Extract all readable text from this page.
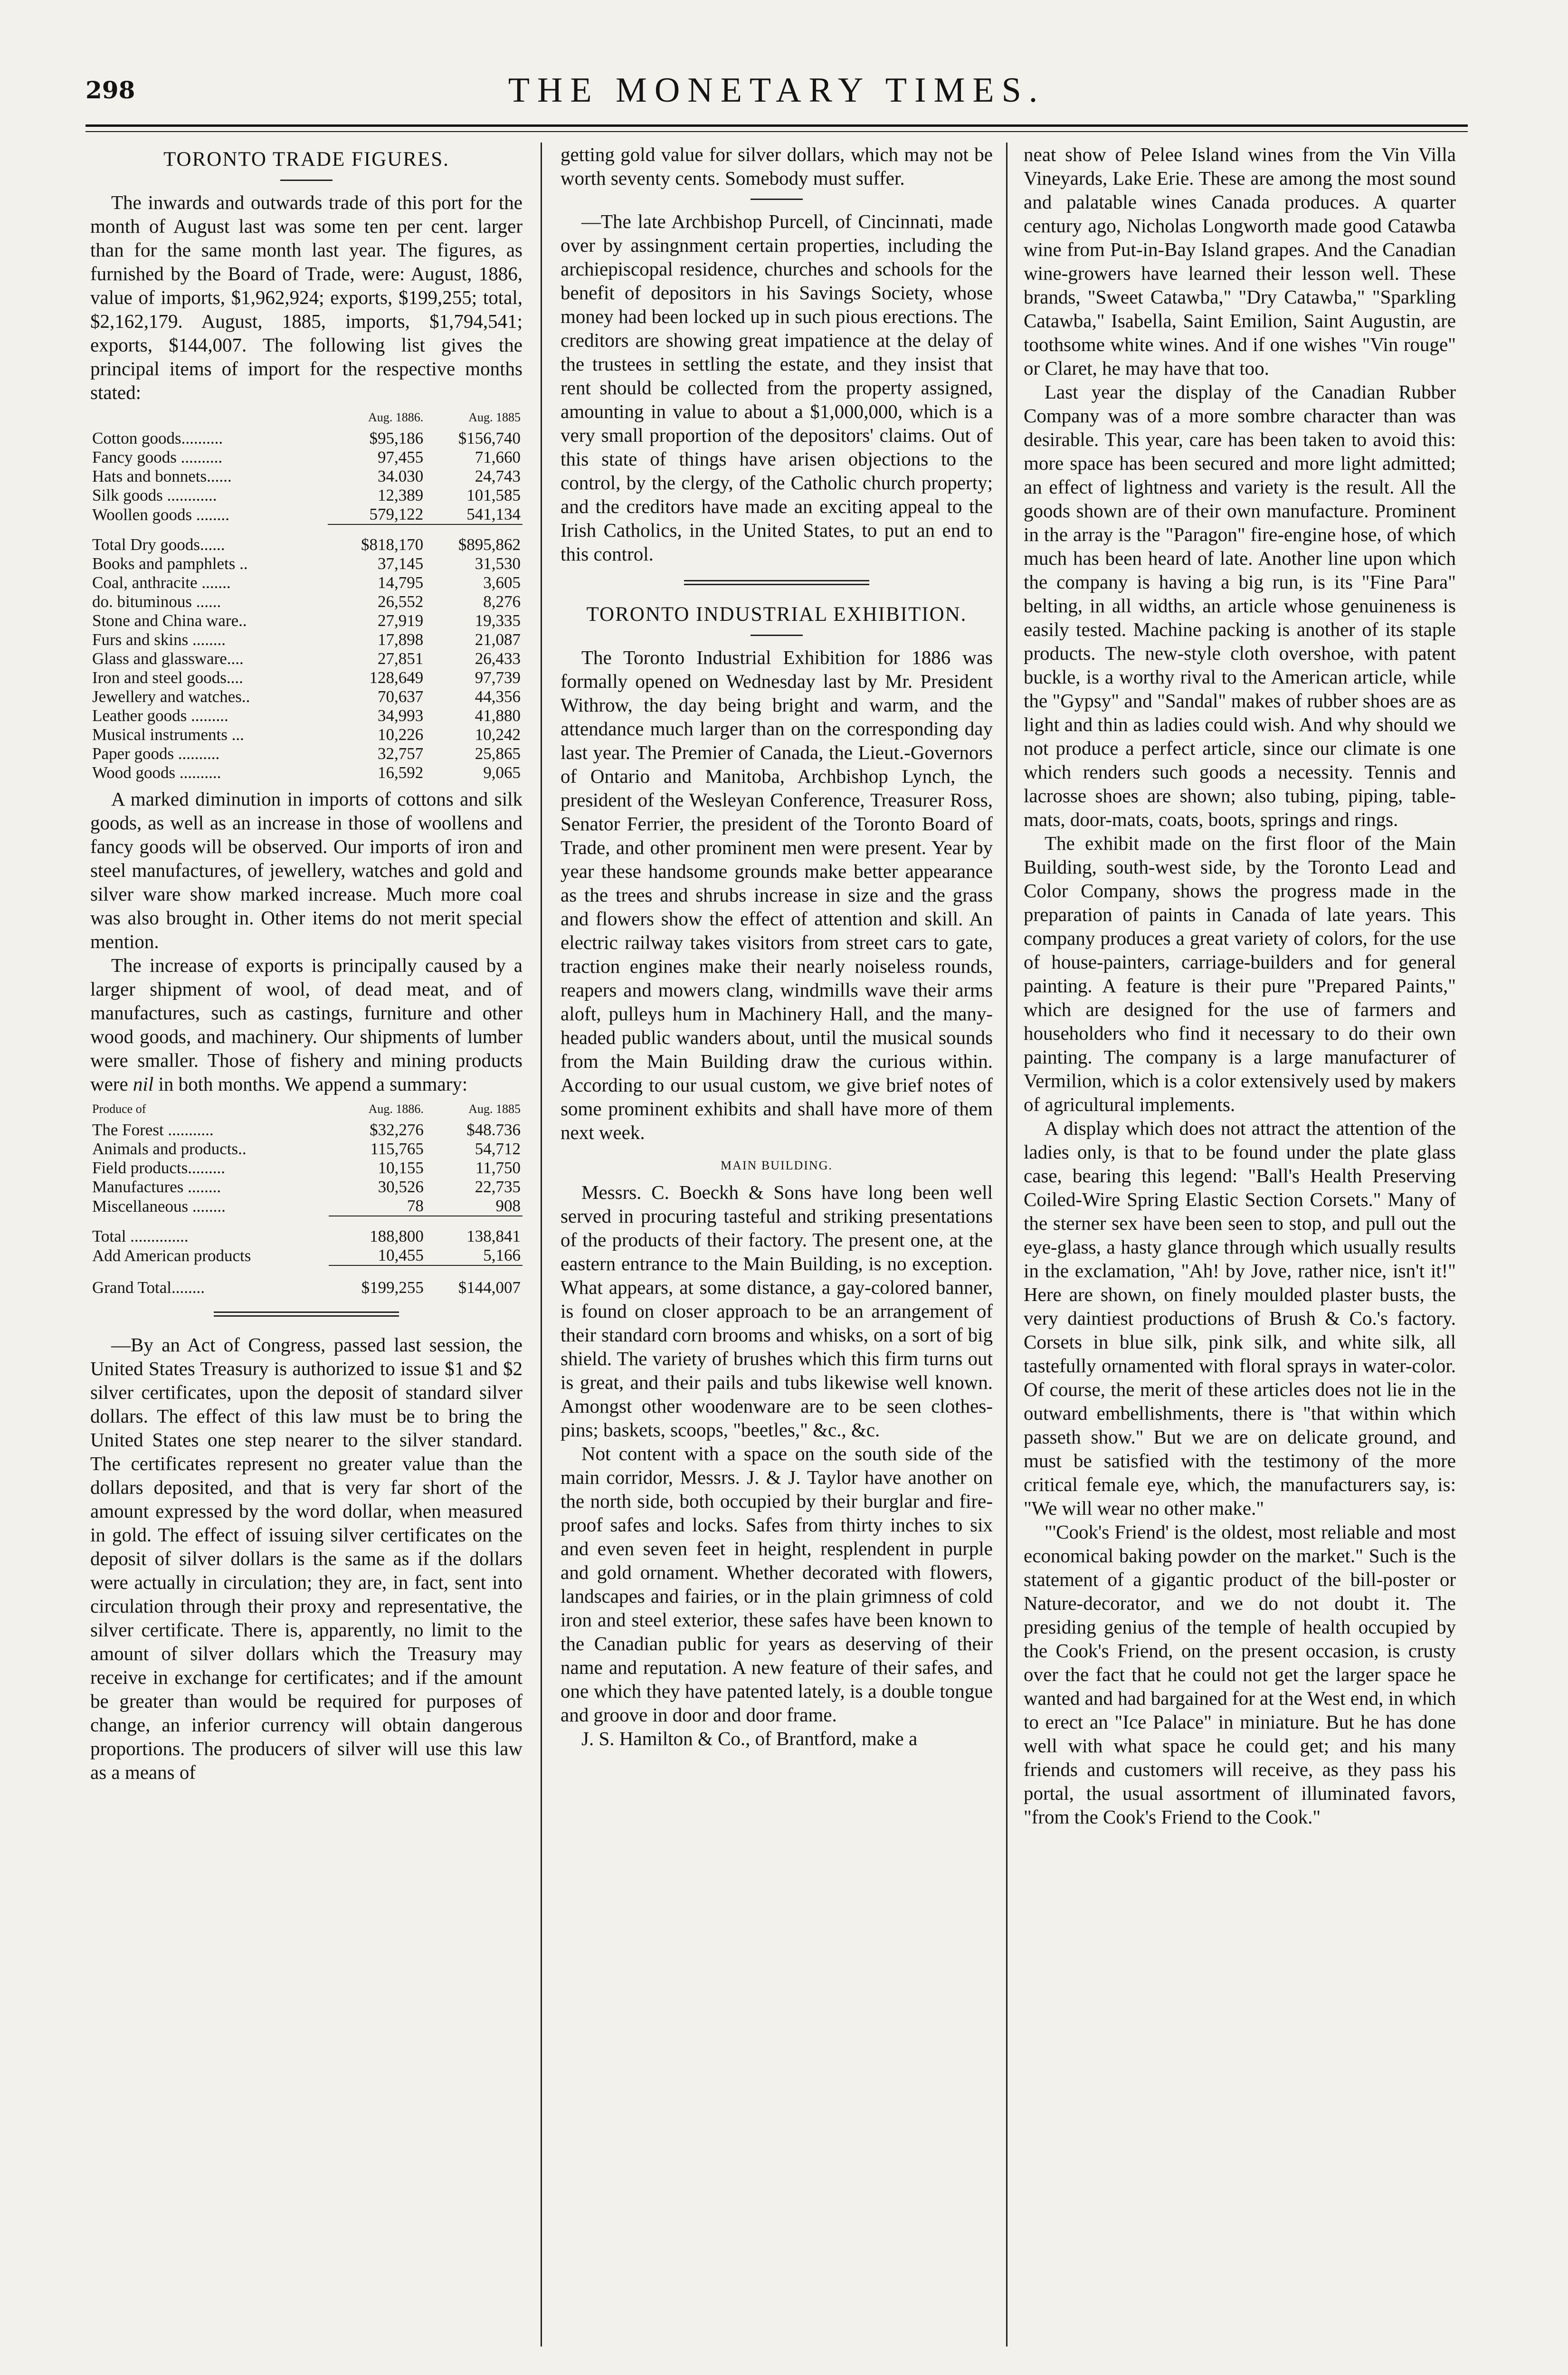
298	THE MONETARY TIMES.
TORONTO TRADE FIGURES.

The inwards and outwards trade of this port for the month of August last was some ten per cent. larger than for the same month last year. The figures, as furnished by the Board of Trade, were: August, 1886, value of imports, $1,962,924; exports, $199,255; total, $2,162,179. August, 1885, imports, $1,794,541; exports, $144,007. The following list gives the principal items of import for the respective months stated:

	Aug. 1886.	Aug. 1885
Cotton goods..........	$95,186	$156,740
Fancy goods ..........	97,455	71,660
Hats and bonnets......	34.030	24,743
Silk goods ............	12,389	101,585
Woollen goods ........	579,122	541,134
Total Dry goods......	$818,170	$895,862
Books and pamphlets ..	37,145	31,530
Coal, anthracite .......	14,795	3,605
do. bituminous ......	26,552	8,276
Stone and China ware..	27,919	19,335
Furs and skins ........	17,898	21,087
Glass and glassware....	27,851	26,433
Iron and steel goods....	128,649	97,739
Jewellery and watches..	70,637	44,356
Leather goods .........	34,993	41,880
Musical instruments ...	10,226	10,242
Paper goods ..........	32,757	25,865
Wood goods ..........	16,592	9,065

A marked diminution in imports of cottons and silk goods, as well as an increase in those of woollens and fancy goods will be observed. Our imports of iron and steel manufactures, of jewellery, watches and gold and silver ware show marked increase. Much more coal was also brought in. Other items do not merit special mention.

The increase of exports is principally caused by a larger shipment of wool, of dead meat, and of manufactures, such as castings, furniture and other wood goods, and machinery. Our shipments of lumber were smaller. Those of fishery and mining products were nil in both months. We append a summary:

Produce of	Aug. 1886.	Aug. 1885
The Forest ...........	$32,276	$48.736
Animals and products..	115,765	54,712
Field products.........	10,155	11,750
Manufactures ........	30,526	22,735
Miscellaneous ........	78	908
Total ..............	188,800	138,841
Add American products	10,455	5,166
Grand Total........	$199,255	$144,007

—By an Act of Congress, passed last session, the United States Treasury is authorized to issue $1 and $2 silver certificates, upon the deposit of standard silver dollars. The effect of this law must be to bring the United States one step nearer to the silver standard. The certificates represent no greater value than the dollars deposited, and that is very far short of the amount expressed by the word dollar, when measured in gold. The effect of issuing silver certificates on the deposit of silver dollars is the same as if the dollars were actually in circulation; they are, in fact, sent into circulation through their proxy and representative, the silver certificate. There is, apparently, no limit to the amount of silver dollars which the Treasury may receive in exchange for certificates; and if the amount be greater than would be required for purposes of change, an inferior currency will obtain dangerous proportions. The producers of silver will use this law as a means of

getting gold value for silver dollars, which may not be worth seventy cents. Somebody must suffer.

—The late Archbishop Purcell, of Cincinnati, made over by assingnment certain properties, including the archiepiscopal residence, churches and schools for the benefit of depositors in his Savings Society, whose money had been locked up in such pious erections. The creditors are showing great impatience at the delay of the trustees in settling the estate, and they insist that rent should be collected from the property assigned, amounting in value to about a $1,000,000, which is a very small proportion of the depositors' claims. Out of this state of things have arisen objections to the control, by the clergy, of the Catholic church property; and the creditors have made an exciting appeal to the Irish Catholics, in the United States, to put an end to this control.

TORONTO INDUSTRIAL EXHIBITION.

The Toronto Industrial Exhibition for 1886 was formally opened on Wednesday last by Mr. President Withrow, the day being bright and warm, and the attendance much larger than on the corresponding day last year. The Premier of Canada, the Lieut.-Governors of Ontario and Manitoba, Archbishop Lynch, the president of the Wesleyan Conference, Treasurer Ross, Senator Ferrier, the president of the Toronto Board of Trade, and other prominent men were present. Year by year these handsome grounds make better appearance as the trees and shrubs increase in size and the grass and flowers show the effect of attention and skill. An electric railway takes visitors from street cars to gate, traction engines make their nearly noiseless rounds, reapers and mowers clang, windmills wave their arms aloft, pulleys hum in Machinery Hall, and the many-headed public wanders about, until the musical sounds from the Main Building draw the curious within. According to our usual custom, we give brief notes of some prominent exhibits and shall have more of them next week.

MAIN BUILDING.

Messrs. C. Boeckh & Sons have long been well served in procuring tasteful and striking presentations of the products of their factory. The present one, at the eastern entrance to the Main Building, is no exception. What appears, at some distance, a gay-colored banner, is found on closer approach to be an arrangement of their standard corn brooms and whisks, on a sort of big shield. The variety of brushes which this firm turns out is great, and their pails and tubs likewise well known. Amongst other woodenware are to be seen clothes-pins; baskets, scoops, "beetles," &c., &c.

Not content with a space on the south side of the main corridor, Messrs. J. & J. Taylor have another on the north side, both occupied by their burglar and fire-proof safes and locks. Safes from thirty inches to six and even seven feet in height, resplendent in purple and gold ornament. Whether decorated with flowers, landscapes and fairies, or in the plain grimness of cold iron and steel exterior, these safes have been known to the Canadian public for years as deserving of their name and reputation. A new feature of their safes, and one which they have patented lately, is a double tongue and groove in door and door frame.

J. S. Hamilton & Co., of Brantford, make a

neat show of Pelee Island wines from the Vin Villa Vineyards, Lake Erie. These are among the most sound and palatable wines Canada produces. A quarter century ago, Nicholas Longworth made good Catawba wine from Put-in-Bay Island grapes. And the Canadian wine-growers have learned their lesson well. These brands, "Sweet Catawba," "Dry Catawba," "Sparkling Catawba," Isabella, Saint Emilion, Saint Augustin, are toothsome white wines. And if one wishes "Vin rouge" or Claret, he may have that too.

Last year the display of the Canadian Rubber Company was of a more sombre character than was desirable. This year, care has been taken to avoid this: more space has been secured and more light admitted; an effect of lightness and variety is the result. All the goods shown are of their own manufacture. Prominent in the array is the "Paragon" fire-engine hose, of which much has been heard of late. Another line upon which the company is having a big run, is its "Fine Para" belting, in all widths, an article whose genuineness is easily tested. Machine packing is another of its staple products. The new-style cloth overshoe, with patent buckle, is a worthy rival to the American article, while the "Gypsy" and "Sandal" makes of rubber shoes are as light and thin as ladies could wish. And why should we not produce a perfect article, since our climate is one which renders such goods a necessity. Tennis and lacrosse shoes are shown; also tubing, piping, table-mats, door-mats, coats, boots, springs and rings.

The exhibit made on the first floor of the Main Building, south-west side, by the Toronto Lead and Color Company, shows the progress made in the preparation of paints in Canada of late years. This company produces a great variety of colors, for the use of house-painters, carriage-builders and for general painting. A feature is their pure "Prepared Paints," which are designed for the use of farmers and householders who find it necessary to do their own painting. The company is a large manufacturer of Vermilion, which is a color extensively used by makers of agricultural implements.

A display which does not attract the attention of the ladies only, is that to be found under the plate glass case, bearing this legend: "Ball's Health Preserving Coiled-Wire Spring Elastic Section Corsets." Many of the sterner sex have been seen to stop, and pull out the eye-glass, a hasty glance through which usually results in the exclamation, "Ah! by Jove, rather nice, isn't it!" Here are shown, on finely moulded plaster busts, the very daintiest productions of Brush & Co.'s factory. Corsets in blue silk, pink silk, and white silk, all tastefully ornamented with floral sprays in water-color. Of course, the merit of these articles does not lie in the outward embellishments, there is "that within which passeth show." But we are on delicate ground, and must be satisfied with the testimony of the more critical female eye, which, the manufacturers say, is: "We will wear no other make."

"'Cook's Friend' is the oldest, most reliable and most economical baking powder on the market." Such is the statement of a gigantic product of the bill-poster or Nature-decorator, and we do not doubt it. The presiding genius of the temple of health occupied by the Cook's Friend, on the present occasion, is crusty over the fact that he could not get the larger space he wanted and had bargained for at the West end, in which to erect an "Ice Palace" in miniature. But he has done well with what space he could get; and his many friends and customers will receive, as they pass his portal, the usual assortment of illuminated favors, "from the Cook's Friend to the Cook."
